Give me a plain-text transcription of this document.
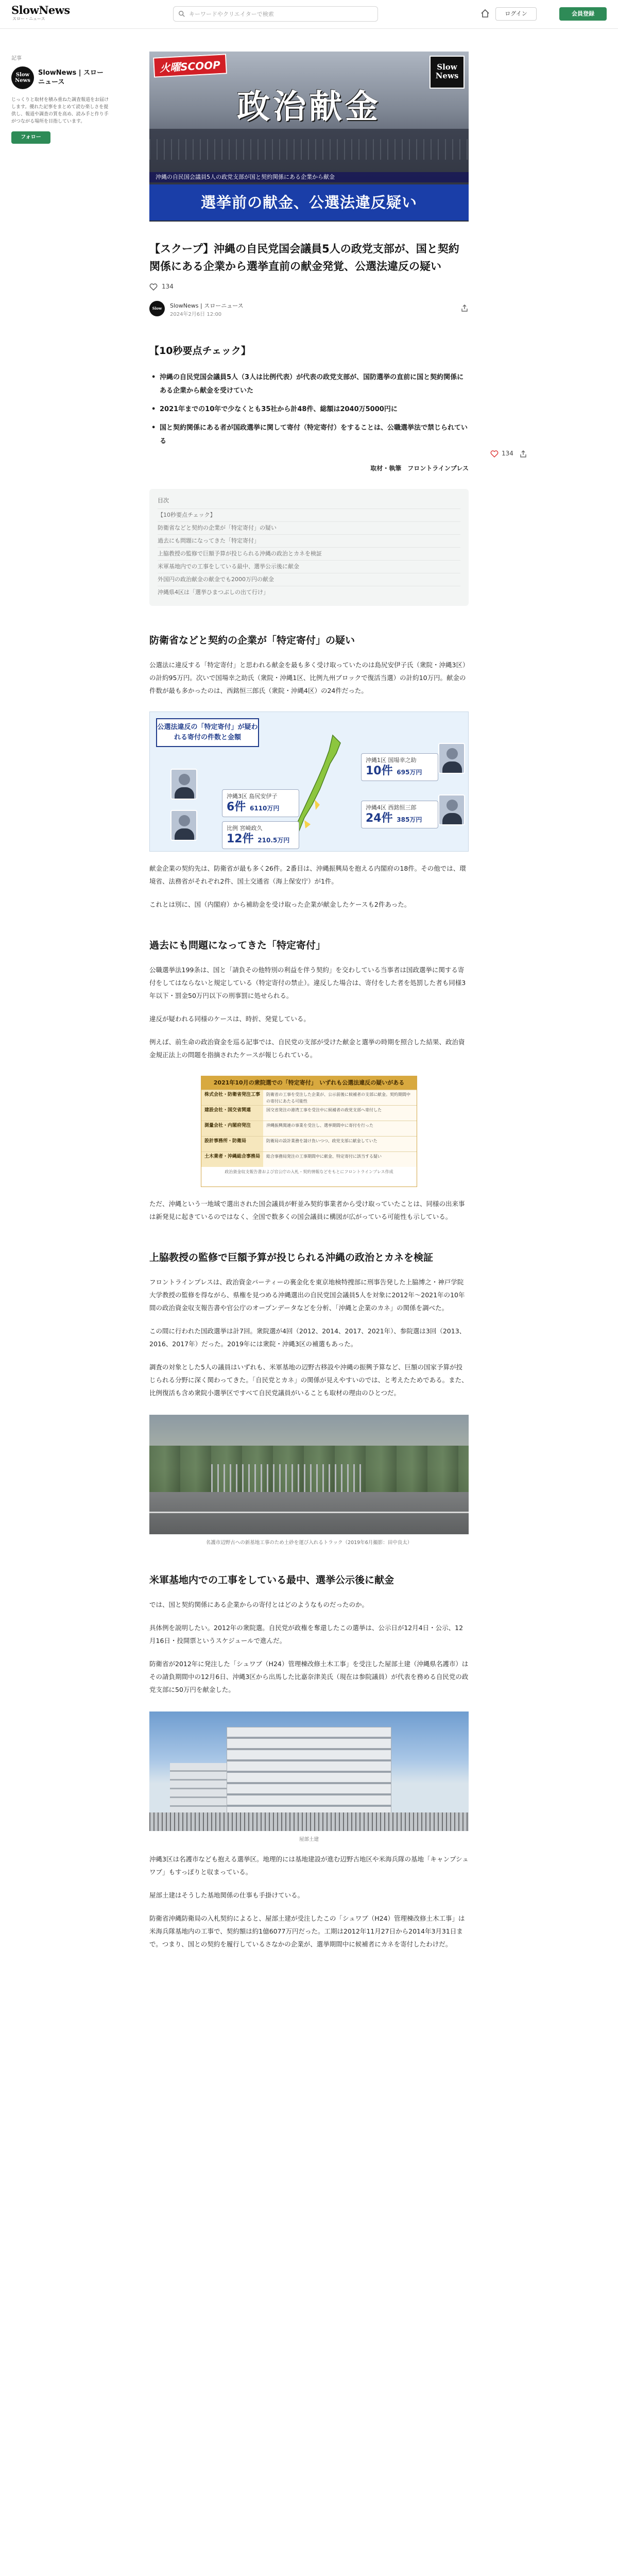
SlowNews
スロー・ニュース
キーワードやクリエイターで検索
ログイン	会員登録
記事
Slow News
SlowNews | スローニュース
じっくりと取材を積み重ねた調査報道をお届けします。優れた記事をまとめて読む楽しさを提供し、報道や調査の質を高め、読み手と作り手がつながる場所を目指しています。
フォロー
134
火曜SCOOP	Slow News
政治献金
沖縄の自民国会議員5人の政党支部が国と契約関係にある企業から献金
選挙前の献金、公選法違反疑い
【スクープ】沖縄の自民党国会議員5人の政党支部が、国と契約関係にある企業から選挙直前の献金発覚、公選法違反の疑い
134
Slow News
SlowNews | スローニュース
2024年2月6日 12:00
【10秒要点チェック】
• 沖縄の自民党国会議員5人（3人は比例代表）が代表の政党支部が、国防選挙の直前に国と契約関係にある企業から献金を受けていた
• 2021年までの10年で少なくとも35社から計48件、総額は2040万5000円に
• 国と契約関係にある者が国政選挙に関して寄付（特定寄付）をすることは、公職選挙法で禁じられている
取材・執筆　フロントラインプレス
目次
【10秒要点チェック】
防衛省などと契約の企業が「特定寄付」の疑い
過去にも問題になってきた「特定寄付」
上脇教授の監修で巨額予算が投じられる沖縄の政治とカネを検証
米軍基地内での工事をしている最中、選挙公示後に献金
外国円の政治献金の献金でも2000万円の献金
沖縄県4区は「選挙ひまつぶしの出て行け」
防衛省などと契約の企業が「特定寄付」の疑い

公選法に違反する「特定寄付」と思われる献金を最も多く受け取っていたのは島尻安伊子氏（衆院・沖縄3区）の計約95万円。次いで国場幸之助氏（衆院・沖縄1区、比例九州ブロックで復活当選）の計約10万円。献金の件数が最も多かったのは、西銘恒三郎氏（衆院・沖縄4区）の24件だった。

公選法違反の「特定寄付」が疑われる寄付の件数と金額
沖縄3区 島尻安伊子
6件 6110万円
比例 宮崎政久
12件 210.5万円
沖縄1区 国場幸之助
10件 695万円
沖縄4区 西銘恒三郎
24件 385万円

献金企業の契約先は、防衛省が最も多く26件。2番目は、沖縄振興局を抱える内閣府の18件。その他では、環境省、法務省がそれぞれ2件、国土交通省（海上保安庁）が1件。

これとは別に、国（内閣府）から補助金を受け取った企業が献金したケースも2件あった。

過去にも問題になってきた「特定寄付」

公職選挙法199条は、国と「請負その他特別の利益を伴う契約」を交わしている当事者は国政選挙に関する寄付をしてはならないと規定している（特定寄付の禁止）。違反した場合は、寄付をした者を処罰した者も同様3年以下・罰金50万円以下の刑事罰に処せられる。

違反が疑われる同様のケースは、時折、発覚している。

例えば、前生命の政治資金を巡る記事では、自民党の支部が受けた献金と選挙の時期を照合した結果、政治資金規正法上の問題を指摘されたケースが報じられている。

2021年10月の衆院選での「特定寄付」　いずれも公選法違反の疑いがある
株式会社・防衛省発注工事	防衛省の工事を受注した企業が、公示前後に候補者の支部に献金。契約期間中の寄付にあたる可能性
建設会社・国交省関連	国交省発注の港湾工事を受注中に候補者の政党支部へ寄付した
測量会社・内閣府発注	沖縄振興関連の事業を受注し、選挙期間中に寄付を行った
設計事務所・防衛局	防衛局の設計業務を請け負いつつ、政党支部に献金していた
土木業者・沖縄総合事務局	総合事務局発注の工事期間中に献金、特定寄付に該当する疑い
政治資金収支報告書および官公庁の入札・契約情報などをもとにフロントラインプレス作成

ただ、沖縄という一地域で選出された国会議員が軒並み契約事業者から受け取っていたことは、同様の出来事は新発見に起きているのではなく、全国で数多くの国会議員に構図が広がっている可能性も示している。

上脇教授の監修で巨額予算が投じられる沖縄の政治とカネを検証

フロントラインプレスは、政治資金パーティーの裏金化を東京地検特捜部に刑事告発した上脇博之・神戸学院大学教授の監修を得ながら、県権を見つめる沖縄選出の自民党国会議員5人を対象に2012年〜2021年の10年間の政治資金収支報告書や官公庁のオープンデータなどを分析、「沖縄と企業のカネ」の関係を調べた。

この間に行われた国政選挙は計7回。衆院選が4回（2012、2014、2017、2021年）、参院選は3回（2013、2016、2017年）だった。2019年には衆院・沖縄3区の補選もあった。

調査の対象とした5人の議員はいずれも、米軍基地の辺野古移設や沖縄の振興予算など、巨額の国家予算が投じられる分野に深く関わってきた。「自民党とカネ」の関係が見えやすいのでは、と考えたためである。また、比例復活も含め衆院小選挙区ですべて自民党議員がいることも取材の理由のひとつだ。

名護市辺野古への新基地工事のため土砂を運び入れるトラック（2019年6月撮影：田中良太）
米軍基地内での工事をしている最中、選挙公示後に献金

では、国と契約関係にある企業からの寄付とはどのようなものだったのか。

具体例を説明したい。2012年の衆院選。自民党が政権を奪還したこの選挙は、公示日が12月4日・公示、12月16日・投開票というスケジュールで進んだ。

防衛省が2012年に発注した「シュワブ（H24）管理棟改修土木工事」を受注した屋部土建（沖縄県名護市）はその請負期間中の12月6日、沖縄3区から出馬した比嘉奈津美氏（現在は参院議員）が代表を務める自民党の政党支部に50万円を献金した。

屋部土建

沖縄3区は名護市なども抱える選挙区。地理的には基地建設が進む辺野古地区や米海兵隊の基地「キャンプシュワブ」もすっぽりと収まっている。

屋部土建はそうした基地関係の仕事も手掛けている。

防衛省沖縄防衛局の入札契約によると、屋部土建が受注したこの「シュワブ（H24）管理棟改修土木工事」は米海兵隊基地内の工事で、契約額は約1億6077万円だった。工期は2012年11月27日から2014年3月31日まで。つまり、国との契約を履行しているさなかの企業が、選挙期間中に候補者にカネを寄付したわけだ。
